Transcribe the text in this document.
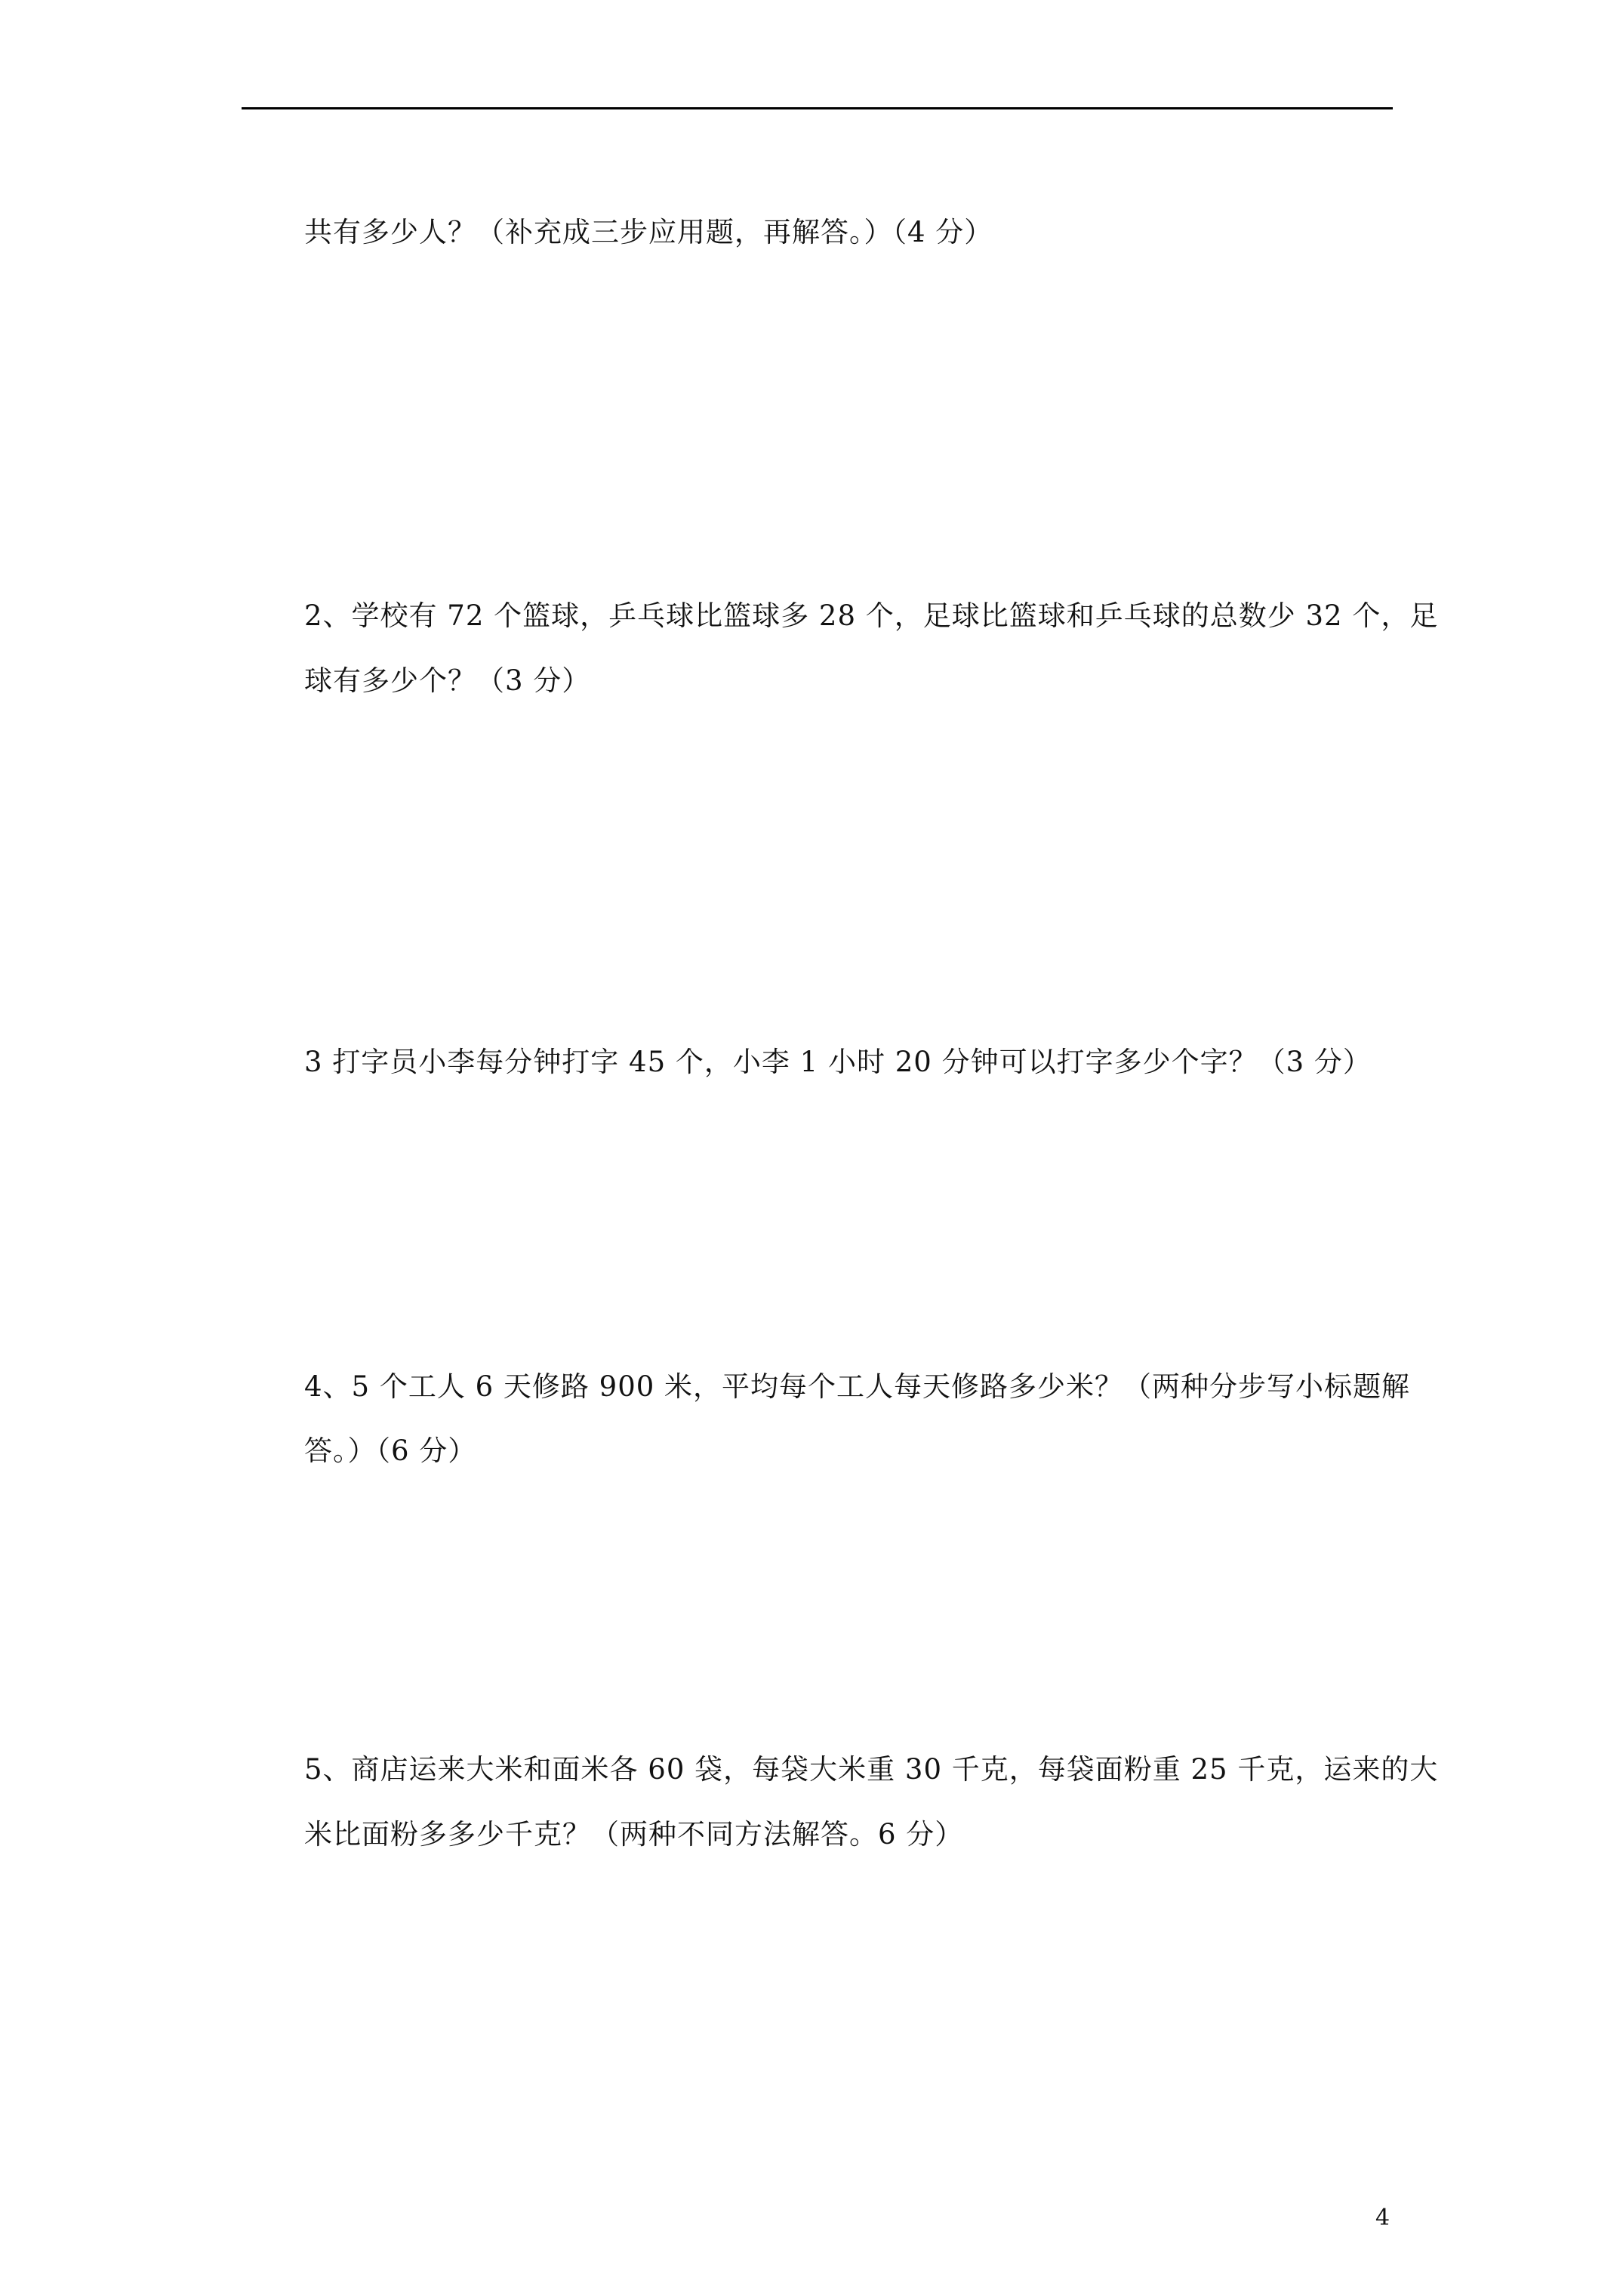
共有多少人？（补充成三步应用题，再解答。）（4 分）
2、学校有 72 个篮球，乒乓球比篮球多 28 个，足球比篮球和乒乓球的总数少 32 个，足
球有多少个？（3 分）
3 打字员小李每分钟打字 45 个，小李 1 小时 20 分钟可以打字多少个字？（3 分）
4、5 个工人 6 天修路 900 米，平均每个工人每天修路多少米？（两种分步写小标题解
答。）（6 分）
5、商店运来大米和面米各 60 袋，每袋大米重 30 千克，每袋面粉重 25 千克，运来的大
米比面粉多多少千克？（两种不同方法解答。6 分）
4
